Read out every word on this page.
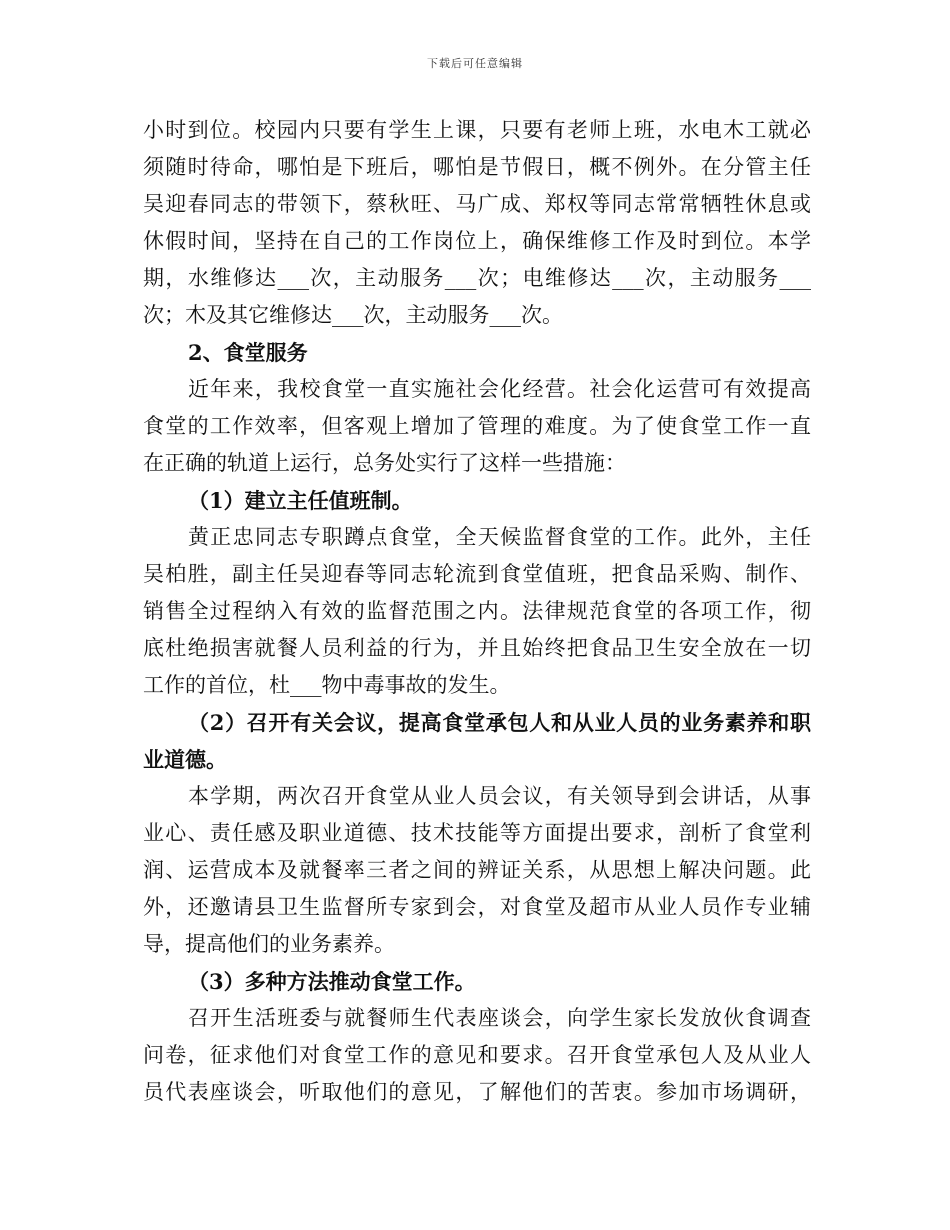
下载后可任意编辑

小时到位。校园内只要有学生上课，只要有老师上班，水电木工就必

须随时待命，哪怕是下班后，哪怕是节假日，概不例外。在分管主任

吴迎春同志的带领下，蔡秋旺、马广成、郑权等同志常常牺牲休息或

休假时间，坚持在自己的工作岗位上，确保维修工作及时到位。本学

期，水维修达___次，主动服务___次；电维修达___次，主动服务___

次；木及其它维修达___次，主动服务___次。

2、食堂服务

近年来，我校食堂一直实施社会化经营。社会化运营可有效提高

食堂的工作效率，但客观上增加了管理的难度。为了使食堂工作一直

在正确的轨道上运行，总务处实行了这样一些措施：

（1）建立主任值班制。

黄正忠同志专职蹲点食堂，全天候监督食堂的工作。此外，主任

吴柏胜，副主任吴迎春等同志轮流到食堂值班，把食品采购、制作、

销售全过程纳入有效的监督范围之内。法律规范食堂的各项工作，彻

底杜绝损害就餐人员利益的行为，并且始终把食品卫生安全放在一切

工作的首位，杜___物中毒事故的发生。

（2）召开有关会议，提高食堂承包人和从业人员的业务素养和职

业道德。

本学期，两次召开食堂从业人员会议，有关领导到会讲话，从事

业心、责任感及职业道德、技术技能等方面提出要求，剖析了食堂利

润、运营成本及就餐率三者之间的辨证关系，从思想上解决问题。此

外，还邀请县卫生监督所专家到会，对食堂及超市从业人员作专业辅

导，提高他们的业务素养。

（3）多种方法推动食堂工作。

召开生活班委与就餐师生代表座谈会，向学生家长发放伙食调查

问卷，征求他们对食堂工作的意见和要求。召开食堂承包人及从业人

员代表座谈会，听取他们的意见，了解他们的苦衷。参加市场调研，
